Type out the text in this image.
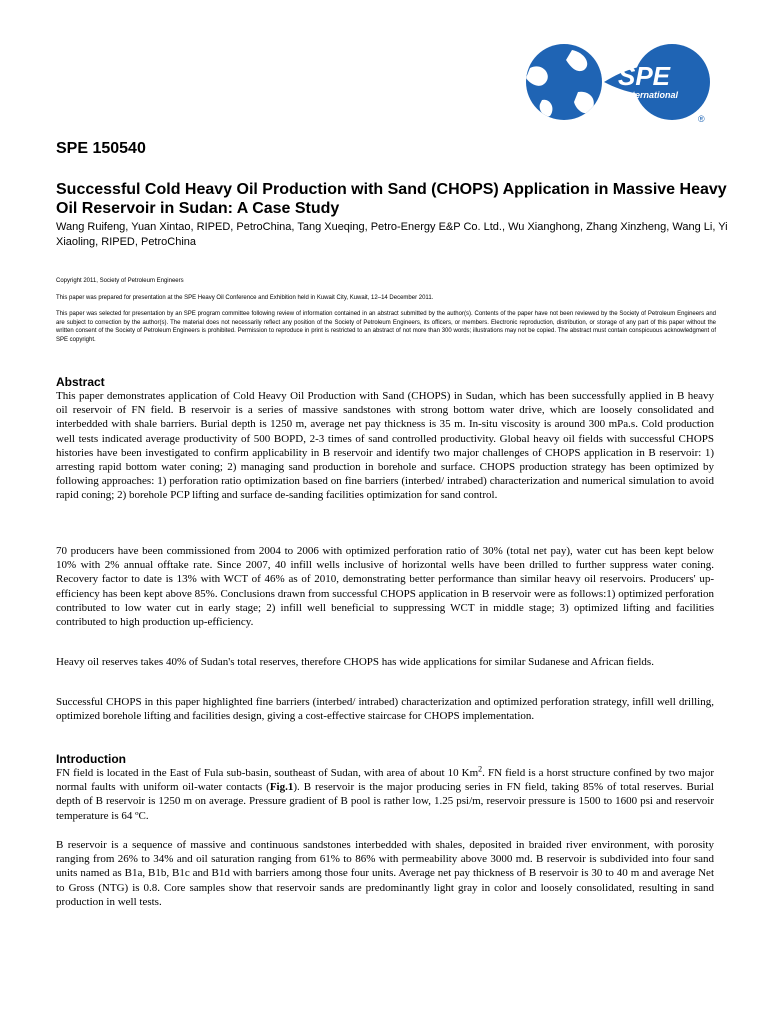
SPE
International
®
SPE 150540
Successful Cold Heavy Oil Production with Sand (CHOPS) Application in Massive Heavy Oil Reservoir in Sudan: A Case Study

Wang Ruifeng, Yuan Xintao, RIPED, PetroChina, Tang Xueqing, Petro-Energy E&P Co. Ltd., Wu Xianghong, Zhang Xinzheng, Wang Li, Yi Xiaoling, RIPED, PetroChina

Copyright 2011, Society of Petroleum Engineers

This paper was prepared for presentation at the SPE Heavy Oil Conference and Exhibition held in Kuwait City, Kuwait, 12–14 December 2011.

This paper was selected for presentation by an SPE program committee following review of information contained in an abstract submitted by the author(s). Contents of the paper have not been reviewed by the Society of Petroleum Engineers and are subject to correction by the author(s). The material does not necessarily reflect any position of the Society of Petroleum Engineers, its officers, or members. Electronic reproduction, distribution, or storage of any part of this paper without the written consent of the Society of Petroleum Engineers is prohibited. Permission to reproduce in print is restricted to an abstract of not more than 300 words; illustrations may not be copied. The abstract must contain conspicuous acknowledgment of SPE copyright.

Abstract

This paper demonstrates application of Cold Heavy Oil Production with Sand (CHOPS) in Sudan, which has been successfully applied in B heavy oil reservoir of FN field. B reservoir is a series of massive sandstones with strong bottom water drive, which are loosely consolidated and interbedded with shale barriers. Burial depth is 1250 m, average net pay thickness is 35 m. In-situ viscosity is around 300 mPa.s. Cold production well tests indicated average productivity of 500 BOPD, 2-3 times of sand controlled productivity. Global heavy oil fields with successful CHOPS histories have been investigated to confirm applicability in B reservoir and identify two major challenges of CHOPS application in B reservoir: 1) arresting rapid bottom water coning; 2) managing sand production in borehole and surface. CHOPS production strategy has been optimized by following approaches: 1) perforation ratio optimization based on fine barriers (interbed/ intrabed) characterization and numerical simulation to avoid rapid coning; 2) borehole PCP lifting and surface de-sanding facilities optimization for sand control.

70 producers have been commissioned from 2004 to 2006 with optimized perforation ratio of 30% (total net pay), water cut has been kept below 10% with 2% annual offtake rate. Since 2007, 40 infill wells inclusive of horizontal wells have been drilled to further suppress water coning. Recovery factor to date is 13% with WCT of 46% as of 2010, demonstrating better performance than similar heavy oil reservoirs. Producers' up-efficiency has been kept above 85%. Conclusions drawn from successful CHOPS application in B reservoir were as follows:1) optimized perforation contributed to low water cut in early stage; 2) infill well beneficial to suppressing WCT in middle stage; 3) optimized lifting and facilities contributed to high production up-efficiency.

Heavy oil reserves takes 40% of Sudan's total reserves, therefore CHOPS has wide applications for similar Sudanese and African fields.

Successful CHOPS in this paper highlighted fine barriers (interbed/ intrabed) characterization and optimized perforation strategy, infill well drilling, optimized borehole lifting and facilities design, giving a cost-effective staircase for CHOPS implementation.

Introduction

FN field is located in the East of Fula sub-basin, southeast of Sudan, with area of about 10 Km$^2$. FN field is a horst structure confined by two major normal faults with uniform oil-water contacts (Fig.1). B reservoir is the major producing series in FN field, taking 85% of total reserves. Burial depth of B reservoir is 1250 m on average. Pressure gradient of B pool is rather low, 1.25 psi/m, reservoir pressure is 1500 to 1600 psi and reservoir temperature is 64 ºC.

B reservoir is a sequence of massive and continuous sandstones interbedded with shales, deposited in braided river environment, with porosity ranging from 26% to 34% and oil saturation ranging from 61% to 86% with permeability above 3000 md. B reservoir is subdivided into four sand units named as B1a, B1b, B1c and B1d with barriers among those four units. Average net pay thickness of B reservoir is 30 to 40 m and average Net to Gross (NTG) is 0.8. Core samples show that reservoir sands are predominantly light gray in color and loosely consolidated, resulting in sand production in well tests.
